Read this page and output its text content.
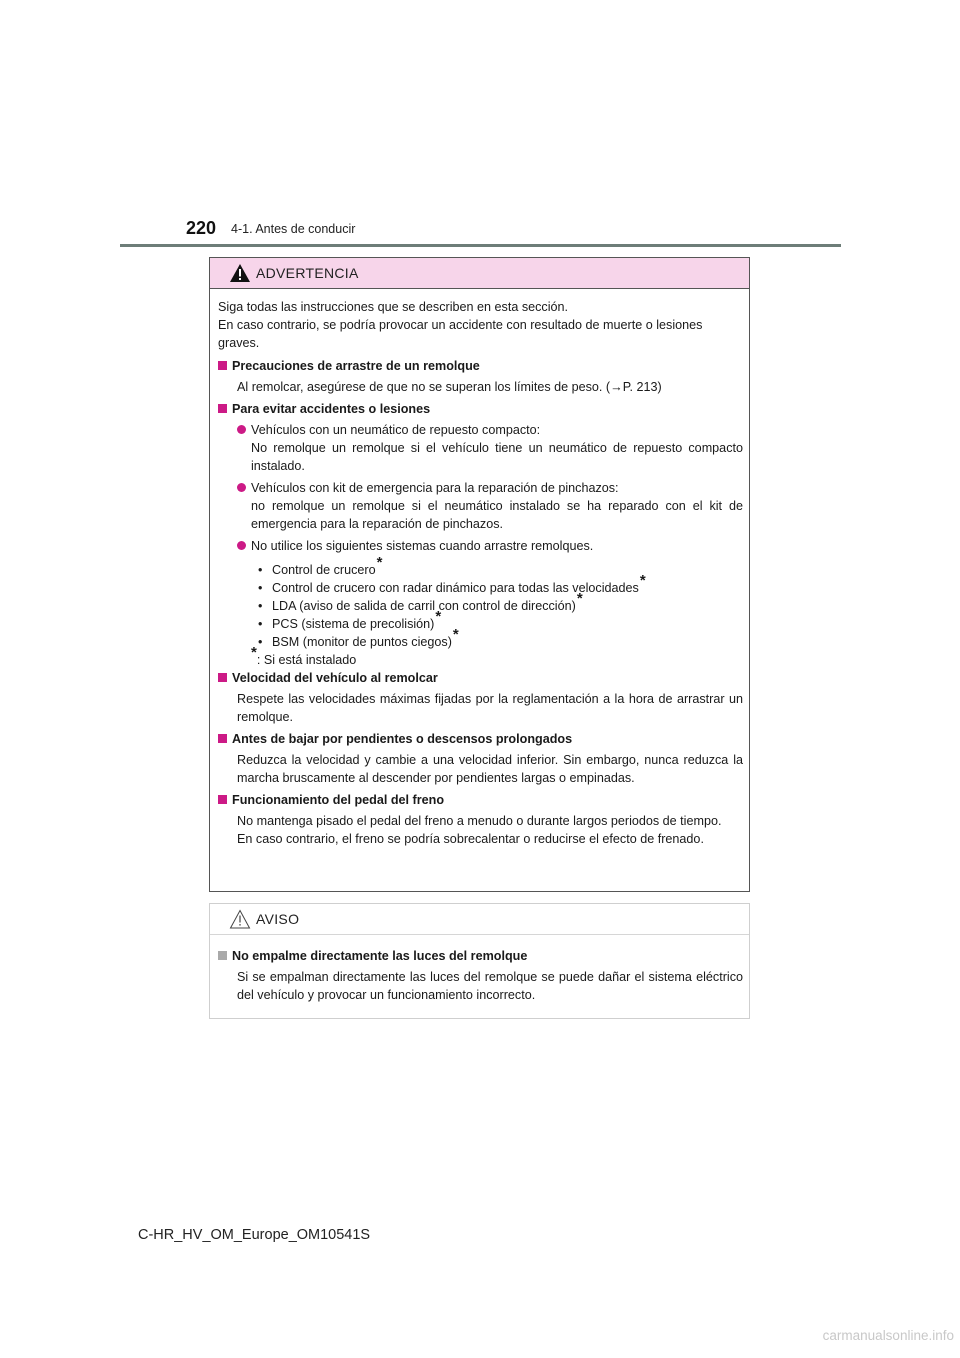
220 4-1. Antes de conducir
ADVERTENCIA

Siga todas las instrucciones que se describen en esta sección.
En caso contrario, se podría provocar un accidente con resultado de muerte o lesiones graves.

Precauciones de arrastre de un remolque

Al remolcar, asegúrese de que no se superan los límites de peso. (→P. 213)

Para evitar accidentes o lesiones
Vehículos con un neumático de repuesto compacto:
No remolque un remolque si el vehículo tiene un neumático de repuesto compacto instalado.
Vehículos con kit de emergencia para la reparación de pinchazos:
no remolque un remolque si el neumático instalado se ha reparado con el kit de emergencia para la reparación de pinchazos.
No utilice los siguientes sistemas cuando arrastre remolques.
• Control de crucero *
• Control de crucero con radar dinámico para todas las velocidades *
• LDA (aviso de salida de carril con control de dirección) *
• PCS (sistema de precolisión) *
• BSM (monitor de puntos ciegos) *

*: Si está instalado

Velocidad del vehículo al remolcar

Respete las velocidades máximas fijadas por la reglamentación a la hora de arrastrar un remolque.

Antes de bajar por pendientes o descensos prolongados

Reduzca la velocidad y cambie a una velocidad inferior. Sin embargo, nunca reduzca la marcha bruscamente al descender por pendientes largas o empinadas.

Funcionamiento del pedal del freno

No mantenga pisado el pedal del freno a menudo o durante largos periodos de tiempo.

En caso contrario, el freno se podría sobrecalentar o reducirse el efecto de frenado.

AVISO
No empalme directamente las luces del remolque

Si se empalman directamente las luces del remolque se puede dañar el sistema eléctrico del vehículo y provocar un funcionamiento incorrecto.

C-HR_HV_OM_Europe_OM10541S
carmanualsonline.info
